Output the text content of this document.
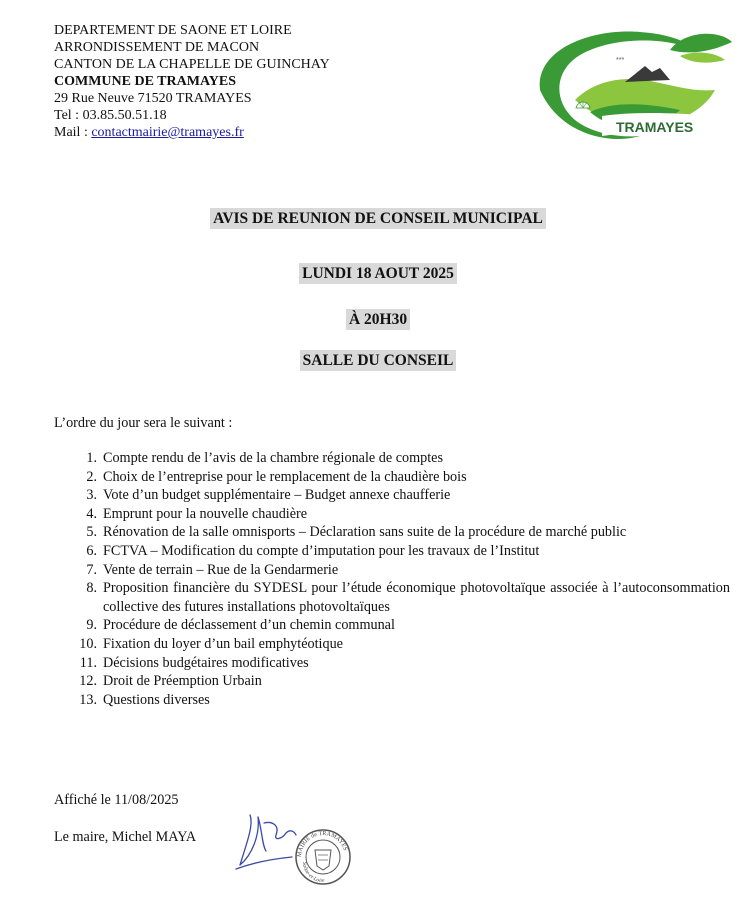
DEPARTEMENT DE SAONE ET LOIRE
ARRONDISSEMENT DE MACON
CANTON DE LA CHAPELLE DE GUINCHAY
COMMUNE DE TRAMAYES
29 Rue Neuve 71520 TRAMAYES
Tel : 03.85.50.51.18
Mail : contactmairie@tramayes.fr
***
TRAMAYES
AVIS DE REUNION DE CONSEIL MUNICIPAL
LUNDI 18 AOUT 2025
À 20H30
SALLE DU CONSEIL
L’ordre du jour sera le suivant :
1. Compte rendu de l’avis de la chambre régionale de comptes
2. Choix de l’entreprise pour le remplacement de la chaudière bois
3. Vote d’un budget supplémentaire – Budget annexe chaufferie
4. Emprunt pour la nouvelle chaudière
5. Rénovation de la salle omnisports – Déclaration sans suite de la procédure de marché public
6. FCTVA – Modification du compte d’imputation pour les travaux de l’Institut
7. Vente de terrain – Rue de la Gendarmerie
8. Proposition financière du SYDESL pour l’étude économique photovoltaïque associée à l’autoconsommation collective des futures installations photovoltaïques
9. Procédure de déclassement d’un chemin communal
10. Fixation du loyer d’un bail emphytéotique
11. Décisions budgétaires modificatives
12. Droit de Préemption Urbain
13. Questions diverses
Affiché le 11/08/2025
Le maire, Michel MAYA
MAIRIE de TRAMAYES
Saône-et-Loire
